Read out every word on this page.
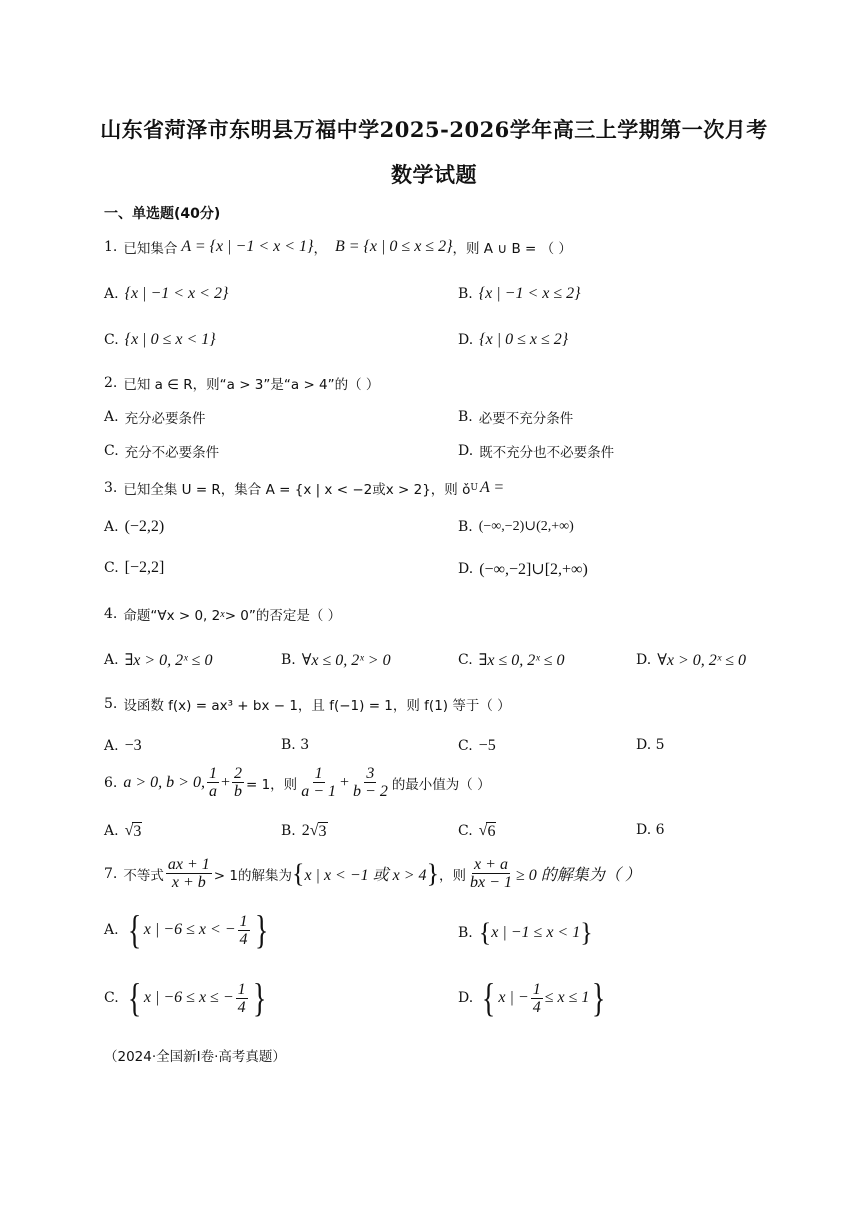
山东省菏泽市东明县万福中学2025-2026学年高三上学期第一次月考
数学试题
一、单选题(40分)
1. 已知集合 A = {x | −1 < x < 1} ， B = {x | 0 ≤ x ≤ 2} ，则 A ∪ B = （ ）
A. {x | −1 < x < 2}	B. {x | −1 < x ≤ 2}
C. {x | 0 ≤ x < 1}	D. {x | 0 ≤ x ≤ 2}
2. 已知 a ∈ R，则“a > 3”是“a > 4”的（ ）
A. 充分必要条件	B. 必要不充分条件
C. 充分不必要条件	D. 既不充分也不必要条件
3. 已知全集 U = R，集合 A = {x | x < −2或x > 2}，则 ǒ U A =
A. (−2,2)	B. (−∞,−2)∪(2,+∞)
C. [−2,2]	D. (−∞,−2]∪[2,+∞)
4. 命题“∀x > 0, 2 x > 0”的否定是（ ）
A. ∃x > 0, 2ˣ ≤ 0	B. ∀x ≤ 0, 2ˣ > 0	C. ∃x ≤ 0, 2ˣ ≤ 0	D. ∀x > 0, 2ˣ ≤ 0
5. 设函数 f(x) = ax³ + bx − 1，且 f(−1) = 1，则 f(1) 等于（ ）
A. −3	B. 3	C. −5	D. 5
6. a > 0, b > 0, $\frac{1}{a} + \frac{2}{b} = 1$，则 $\frac{1}{a - 1} + \frac{3}{b - 2}$ 的最小值为（ ）
A. √ 3	B. 2 √ 3	C. √ 6	D. 6
7. 不等式 $\frac{ax + 1}{x + b} > 1$的解集为 { x | x < −1 或 x > 4 } ，则 $\frac{x + a}{bx - 1} \ge 0$ 的解集为（ ）
A. { x | −6 ≤ x < − $\frac{1}{4}$ }	B. { x | −1 ≤ x < 1 }
C. { x | −6 ≤ x ≤ − $\frac{1}{4}$ }	D. { x | − $\frac{1}{4} \le x \le 1$ }
（2024·全国新I卷·高考真题）
